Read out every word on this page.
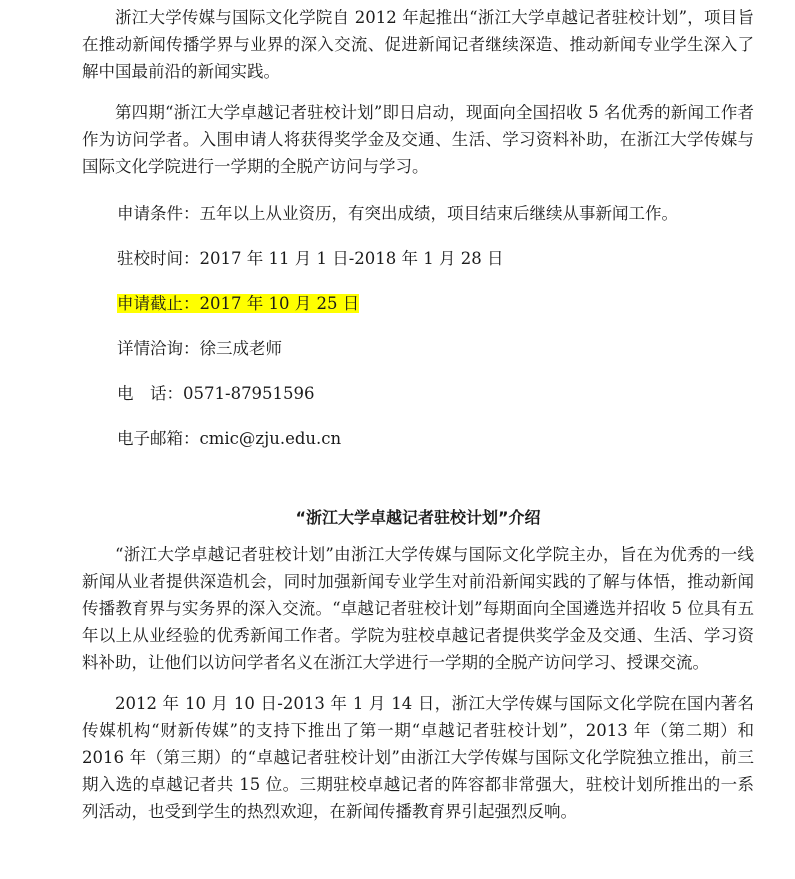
浙江大学传媒与国际文化学院自 2012 年起推出“浙江大学卓越记者驻校计划”，项目旨在推动新闻传播学界与业界的深入交流、促进新闻记者继续深造、推动新闻专业学生深入了解中国最前沿的新闻实践。

第四期“浙江大学卓越记者驻校计划”即日启动，现面向全国招收 5 名优秀的新闻工作者作为访问学者。入围申请人将获得奖学金及交通、生活、学习资料补助，在浙江大学传媒与国际文化学院进行一学期的全脱产访问与学习。

申请条件：五年以上从业资历，有突出成绩，项目结束后继续从事新闻工作。

驻校时间：2017 年 11 月 1 日-2018 年 1 月 28 日

申请截止：2017 年 10 月 25 日

详情洽询：徐三成老师

电　话：0571-87951596

电子邮箱：cmic@zju.edu.cn

“浙江大学卓越记者驻校计划”介绍

“浙江大学卓越记者驻校计划”由浙江大学传媒与国际文化学院主办，旨在为优秀的一线新闻从业者提供深造机会，同时加强新闻专业学生对前沿新闻实践的了解与体悟，推动新闻传播教育界与实务界的深入交流。“卓越记者驻校计划”每期面向全国遴选并招收 5 位具有五年以上从业经验的优秀新闻工作者。学院为驻校卓越记者提供奖学金及交通、生活、学习资料补助，让他们以访问学者名义在浙江大学进行一学期的全脱产访问学习、授课交流。

2012 年 10 月 10 日-2013 年 1 月 14 日，浙江大学传媒与国际文化学院在国内著名传媒机构“财新传媒”的支持下推出了第一期“卓越记者驻校计划”，2013 年（第二期）和 2016 年（第三期）的“卓越记者驻校计划”由浙江大学传媒与国际文化学院独立推出，前三期入选的卓越记者共 15 位。三期驻校卓越记者的阵容都非常强大，驻校计划所推出的一系列活动，也受到学生的热烈欢迎，在新闻传播教育界引起强烈反响。
